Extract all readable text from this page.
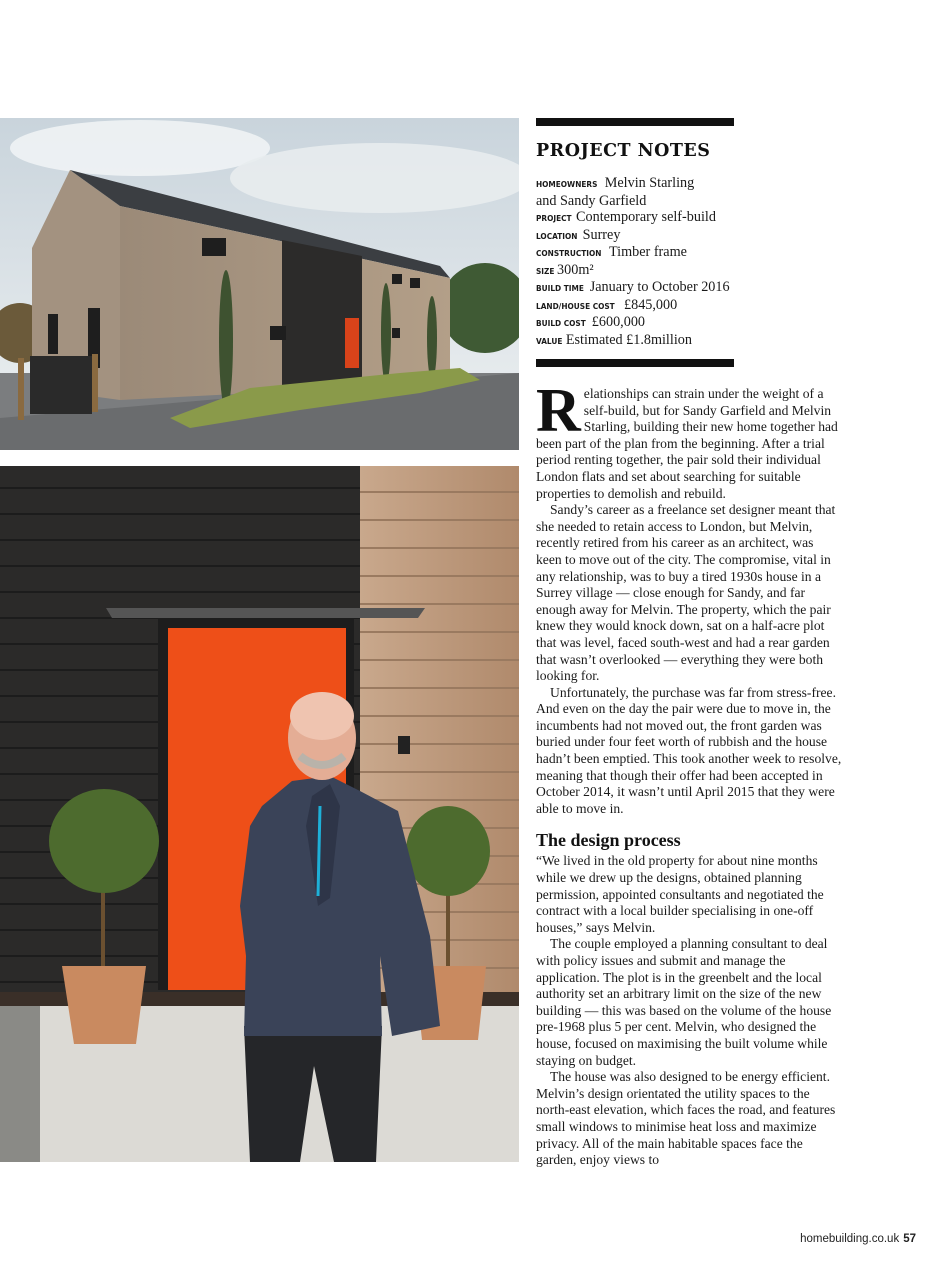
PROJECT NOTES
HOMEOWNERS Melvin Starling
and Sandy Garfield
PROJECT Contemporary self-build
LOCATION Surrey
CONSTRUCTION Timber frame
SIZE 300m²
BUILD TIME January to October 2016
LAND/HOUSE COST £845,000
BUILD COST £600,000
VALUE Estimated £1.8million

Relationships can strain under the weight of a self-build, but for Sandy Garfield and Melvin Starling, building their new home together had been part of the plan from the beginning. After a trial period renting together, the pair sold their individual London flats and set about searching for suitable properties to demolish and rebuild.

Sandy’s career as a freelance set designer meant that she needed to retain access to London, but Melvin, recently retired from his career as an architect, was keen to move out of the city. The compromise, vital in any relationship, was to buy a tired 1930s house in a Surrey village — close enough for Sandy, and far enough away for Melvin. The property, which the pair knew they would knock down, sat on a half-acre plot that was level, faced south-west and had a rear garden that wasn’t overlooked — everything they were both looking for.

Unfortunately, the purchase was far from stress-free. And even on the day the pair were due to move in, the incumbents had not moved out, the front garden was buried under four feet worth of rubbish and the house hadn’t been emptied. This took another week to resolve, meaning that though their offer had been accepted in October 2014, it wasn’t until April 2015 that they were able to move in.

The design process

“We lived in the old property for about nine months while we drew up the designs, obtained planning permission, appointed consultants and negotiated the contract with a local builder specialising in one-off houses,” says Melvin.

The couple employed a planning consultant to deal with policy issues and submit and manage the application. The plot is in the greenbelt and the local authority set an arbitrary limit on the size of the new building — this was based on the volume of the house pre-1968 plus 5 per cent. Melvin, who designed the house, focused on maximising the built volume while staying on budget.

The house was also designed to be energy efficient. Melvin’s design orientated the utility spaces to the north-east elevation, which faces the road, and features small windows to minimise heat loss and maximize privacy. All of the main habitable spaces face the garden, enjoy views to

homebuilding.co.uk 57
